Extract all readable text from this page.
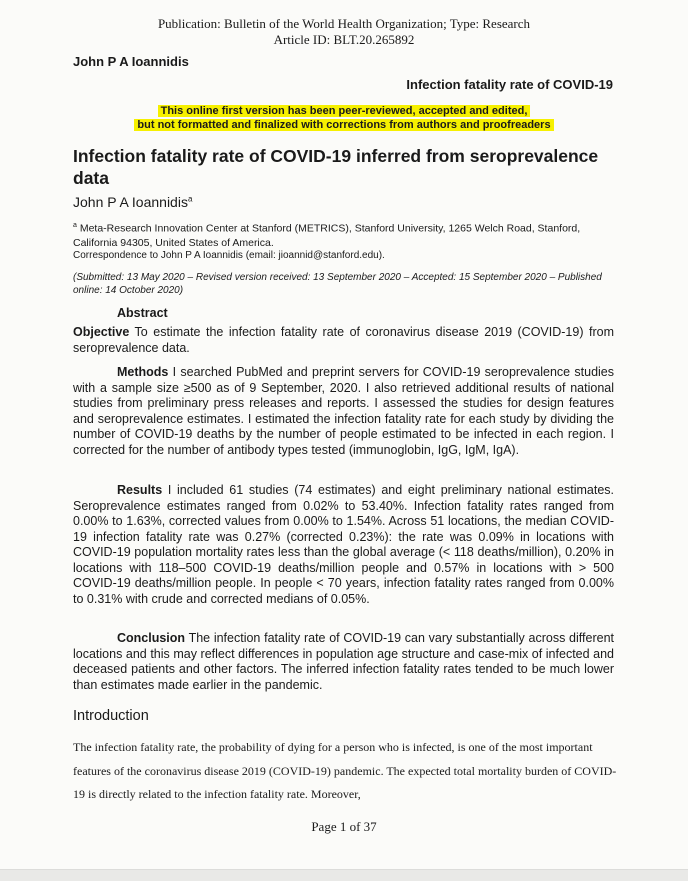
Publication: Bulletin of the World Health Organization; Type: Research
Article ID: BLT.20.265892
John P A Ioannidis
Infection fatality rate of COVID-19
This online first version has been peer-reviewed, accepted and edited,
but not formatted and finalized with corrections from authors and proofreaders
Infection fatality rate of COVID-19 inferred from seroprevalence data
John P A Ioannidis$^a$
$^a$ Meta-Research Innovation Center at Stanford (METRICS), Stanford University, 1265 Welch Road, Stanford, California 94305, United States of America.
Correspondence to John P A Ioannidis (email: jioannid@stanford.edu).
(Submitted: 13 May 2020 – Revised version received: 13 September 2020 – Accepted: 15 September 2020 – Published online: 14 October 2020)
Abstract
Objective To estimate the infection fatality rate of coronavirus disease 2019 (COVID-19) from seroprevalence data.
Methods I searched PubMed and preprint servers for COVID-19 seroprevalence studies with a sample size ≥500 as of 9 September, 2020. I also retrieved additional results of national studies from preliminary press releases and reports. I assessed the studies for design features and seroprevalence estimates. I estimated the infection fatality rate for each study by dividing the number of COVID-19 deaths by the number of people estimated to be infected in each region. I corrected for the number of antibody types tested (immunoglobin, IgG, IgM, IgA).
Results I included 61 studies (74 estimates) and eight preliminary national estimates. Seroprevalence estimates ranged from 0.02% to 53.40%. Infection fatality rates ranged from 0.00% to 1.63%, corrected values from 0.00% to 1.54%. Across 51 locations, the median COVID-19 infection fatality rate was 0.27% (corrected 0.23%): the rate was 0.09% in locations with COVID-19 population mortality rates less than the global average (< 118 deaths/million), 0.20% in locations with 118–500 COVID-19 deaths/million people and 0.57% in locations with > 500 COVID-19 deaths/million people. In people < 70 years, infection fatality rates ranged from 0.00% to 0.31% with crude and corrected medians of 0.05%.
Conclusion The infection fatality rate of COVID-19 can vary substantially across different locations and this may reflect differences in population age structure and case-mix of infected and deceased patients and other factors. The inferred infection fatality rates tended to be much lower than estimates made earlier in the pandemic.
Introduction
The infection fatality rate, the probability of dying for a person who is infected, is one of the most important features of the coronavirus disease 2019 (COVID-19) pandemic. The expected total mortality burden of COVID-19 is directly related to the infection fatality rate. Moreover,
Page 1 of 37
